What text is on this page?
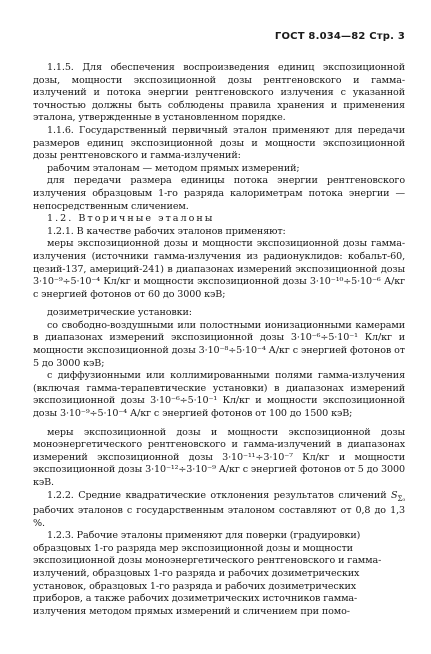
ГОСТ 8.034—82 Стр. 3

1.1.5. Для обеспечения воспроизведения единиц экспозиционной дозы, мощности экспозиционной дозы рентгеновского и гамма-излучений и потока энергии рентгеновского излучения с указанной точностью должны быть соблюдены правила хранения и применения эталона, утвержденные в установленном порядке.

1.1.6. Государственный первичный эталон применяют для передачи размеров единиц экспозиционной дозы и мощности экспозиционной дозы рентгеновского и гамма-излучений:

рабочим эталонам — методом прямых измерений;

для передачи размера единицы потока энергии рентгеновского излучения образцовым 1-го разряда калориметрам потока энергии — непосредственным сличением.

1.2. Вторичные эталоны

1.2.1. В качестве рабочих эталонов применяют:

меры экспозиционной дозы и мощности экспозиционной дозы гамма-излучения (источники гамма-излучения из радионуклидов: кобальт-60, цезий-137, америций-241) в диапазонах измерений экспозиционной дозы 3·10⁻⁹÷5·10⁻⁴ Кл/кг и мощности экспозиционной дозы 3·10⁻¹⁰÷5·10⁻⁶ А/кг с энергией фотонов от 60 до 3000 кэВ;

дозиметрические установки:

со свободно-воздушными или полостными ионизационными камерами в диапазонах измерений экспозиционной дозы 3·10⁻⁶÷5·10⁻¹ Кл/кг и мощности экспозиционной дозы 3·10⁻⁸÷5·10⁻⁴ А/кг с энергией фотонов от 5 до 3000 кэВ;

с диффузионными или коллимированными полями гамма-излучения (включая гамма-терапевтические установки) в диапазонах измерений экспозиционной дозы 3·10⁻⁶÷5·10⁻¹ Кл/кг и мощности экспозиционной дозы 3·10⁻⁹÷5·10⁻⁴ А/кг с энергией фотонов от 100 до 1500 кэВ;

меры экспозиционной дозы и мощности экспозиционной дозы моноэнергетического рентгеновского и гамма-излучений в диапазонах измерений экспозиционной дозы 3·10⁻¹¹÷3·10⁻⁷ Кл/кг и мощности экспозиционной дозы 3·10⁻¹²÷3·10⁻⁹ А/кг с энергией фотонов от 5 до 3000 кэВ.

1.2.2. Средние квадратические отклонения результатов сличений $S_{\Sigma_0}$ рабочих эталонов с государственным эталоном составляют от 0,8 до 1,3 %.

1.2.3. Рабочие эталоны применяют для поверки (градуировки) образцовых 1-го разряда мер экспозиционной дозы и мощности экспозиционной дозы моноэнергетического рентгеновского и гамма-излучений, образцовых 1-го разряда и рабочих дозиметрических установок, образцовых 1-го разряда и рабочих дозиметрических приборов, а также рабочих дозиметрических источников гамма-излучения методом прямых измерений и сличением при помо-
